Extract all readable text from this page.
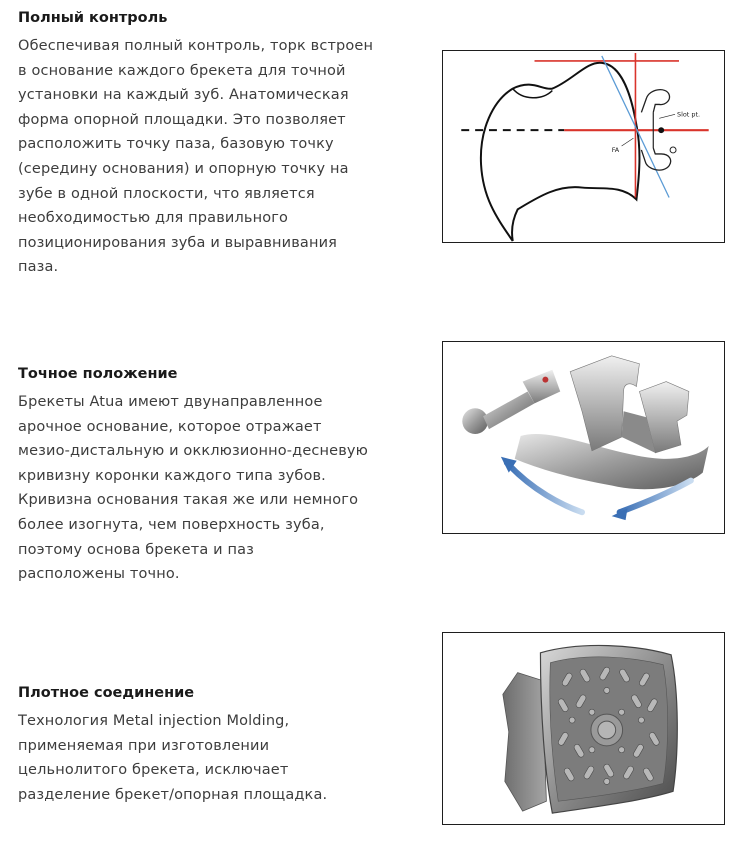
Полный контроль

Обеспечивая полный контроль, торк встроен
в основание каждого брекета для точной
установки на каждый зуб. Анатомическая
форма опорной площадки. Это позволяет
расположить точку паза, базовую точку
(середину основания) и опорную точку на
зубе в одной плоскости, что является
необходимостью для правильного
позиционирования зуба и выравнивания
паза.

Slot pt.
FA
Точное положение

Брекеты Atua имеют двунаправленное
арочное основание, которое отражает
мезио-дистальную и окклюзионно-десневую
кривизну коронки каждого типа зубов.
Кривизна основания такая же или немного
более изогнута, чем поверхность зуба,
поэтому основа брекета и паз
расположены точно.

Плотное соединение

Технология Metal injection Molding,
применяемая при изготовлении
цельнолитого брекета, исключает
разделение брекет/опорная площадка.
